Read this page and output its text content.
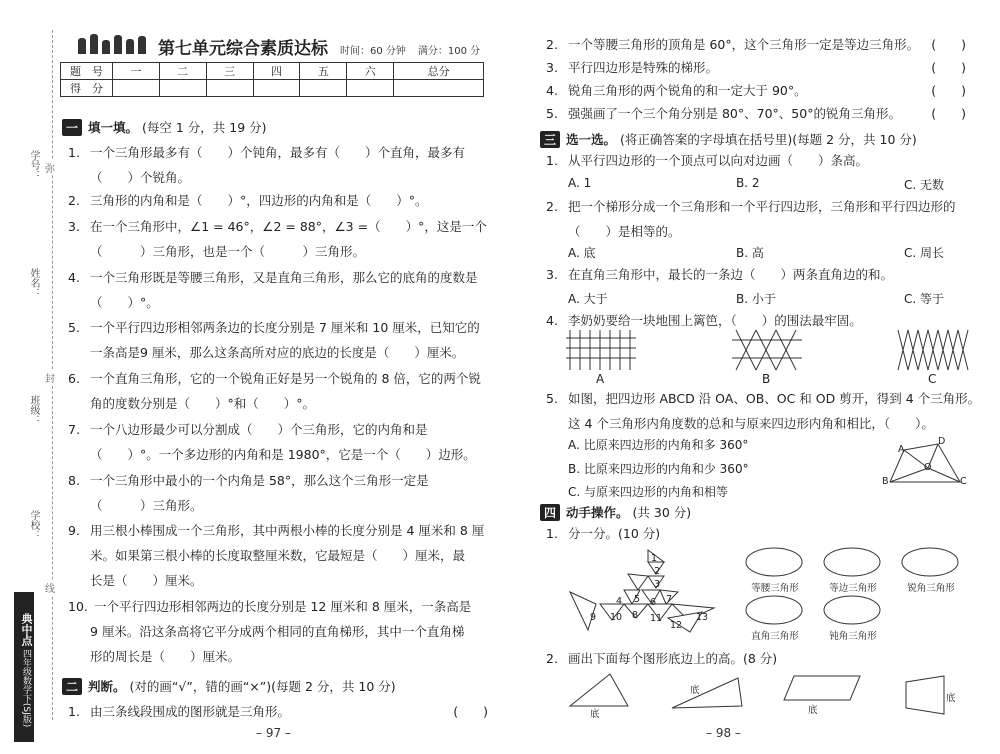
学号：
姓名：
班级：
学校：
弥
封
线
典中点 四年级数学下(SJ版)
第七单元综合素质达标 时间：60 分钟 满分：100 分
题　号	一	二	三	四	五	六	总分
得　分							
一 填一填。 (每空 1 分，共 19 分)
1. 一个三角形最多有（　　）个钝角，最多有（　　）个直角，最多有
（　　）个锐角。
2. 三角形的内角和是（　　）°，四边形的内角和是（　　）°。
3. 在一个三角形中，∠1 = 46°，∠2 = 88°，∠3 =（　　）°，这是一个
（　　　）三角形，也是一个（　　　）三角形。
4. 一个三角形既是等腰三角形，又是直角三角形，那么它的底角的度数是
（　　）°。
5. 一个平行四边形相邻两条边的长度分别是 7 厘米和 10 厘米，已知它的
一条高是9 厘米，那么这条高所对应的底边的长度是（　　）厘米。
6. 一个直角三角形，它的一个锐角正好是另一个锐角的 8 倍，它的两个锐
角的度数分别是（　　）°和（　　）°。
7. 一个八边形最少可以分割成（　　）个三角形，它的内角和是
（　　）°。一个多边形的内角和是 1980°，它是一个（　　）边形。
8. 一个三角形中最小的一个内角是 58°，那么这个三角形一定是
（　　　）三角形。
9. 用三根小棒围成一个三角形，其中两根小棒的长度分别是 4 厘米和 8 厘
米。如果第三根小棒的长度取整厘米数，它最短是（　　）厘米，最
长是（　　）厘米。
10. 一个平行四边形相邻两边的长度分别是 12 厘米和 8 厘米，一条高是
9 厘米。沿这条高将它平分成两个相同的直角梯形，其中一个直角梯
形的周长是（　　）厘米。
二 判断。 (对的画“√”，错的画“×”)(每题 2 分，共 10 分)
1.	(　　)
由三条线段围成的图形就是三角形。
– 97 –
2.	(　　)
一个等腰三角形的顶角是 60°，这个三角形一定是等边三角形。
3.	(　　)
平行四边形是特殊的梯形。
4.	(　　)
锐角三角形的两个锐角的和一定大于 90°。
5.	(　　)
强强画了一个三个角分别是 80°、70°、50°的锐角三角形。
三 选一选。 (将正确答案的字母填在括号里)(每题 2 分，共 10 分)
1. 从平行四边形的一个顶点可以向对边画（　　）条高。
A. 1	B. 2	C. 无数
2. 把一个梯形分成一个三角形和一个平行四边形，三角形和平行四边形的
（　　）是相等的。
A. 底	B. 高	C. 周长
3. 在直角三角形中，最长的一条边（　　）两条直角边的和。
A. 大于	B. 小于	C. 等于
4. 李奶奶要给一块地围上篱笆，（　　）的围法最牢固。
A	B	C
5. 如图，把四边形 ABCD 沿 OA、OB、OC 和 OD 剪开，得到 4 个三角形。
这 4 个三角形内角度数的总和与原来四边形内角和相比，（　　）。
A. 比原来四边形的内角和多 360°
B. 比原来四边形的内角和少 360°
C. 与原来四边形的内角和相等
A
B	C
D
O
四 动手操作。 (共 30 分)
1. 分一分。(10 分)
1
2
3
4 5 6 7
8
9 10	11
12
13
等腰三角形	等边三角形	锐角三角形
直角三角形	钝角三角形
2. 画出下面每个图形底边上的高。(8 分)
底
底
底
底
– 98 –
